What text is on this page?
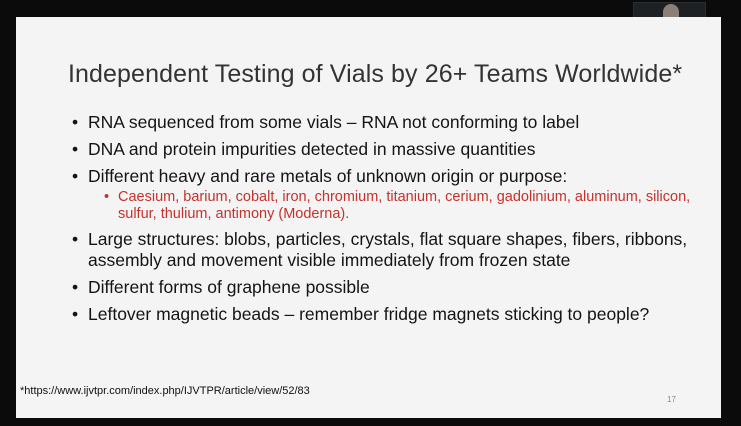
Independent Testing of Vials by 26+ Teams Worldwide*
• RNA sequenced from some vials – RNA not conforming to label
• DNA and protein impurities detected in massive quantities
• Different heavy and rare metals of unknown origin or purpose:
• Caesium, barium, cobalt, iron, chromium, titanium, cerium, gadolinium, aluminum, silicon, sulfur, thulium, antimony (Moderna).
• Large structures: blobs, particles, crystals, flat square shapes, fibers, ribbons, assembly and movement visible immediately from frozen state
• Different forms of graphene possible
• Leftover magnetic beads – remember fridge magnets sticking to people?
17
*https://www.ijvtpr.com/index.php/IJVTPR/article/view/52/83
